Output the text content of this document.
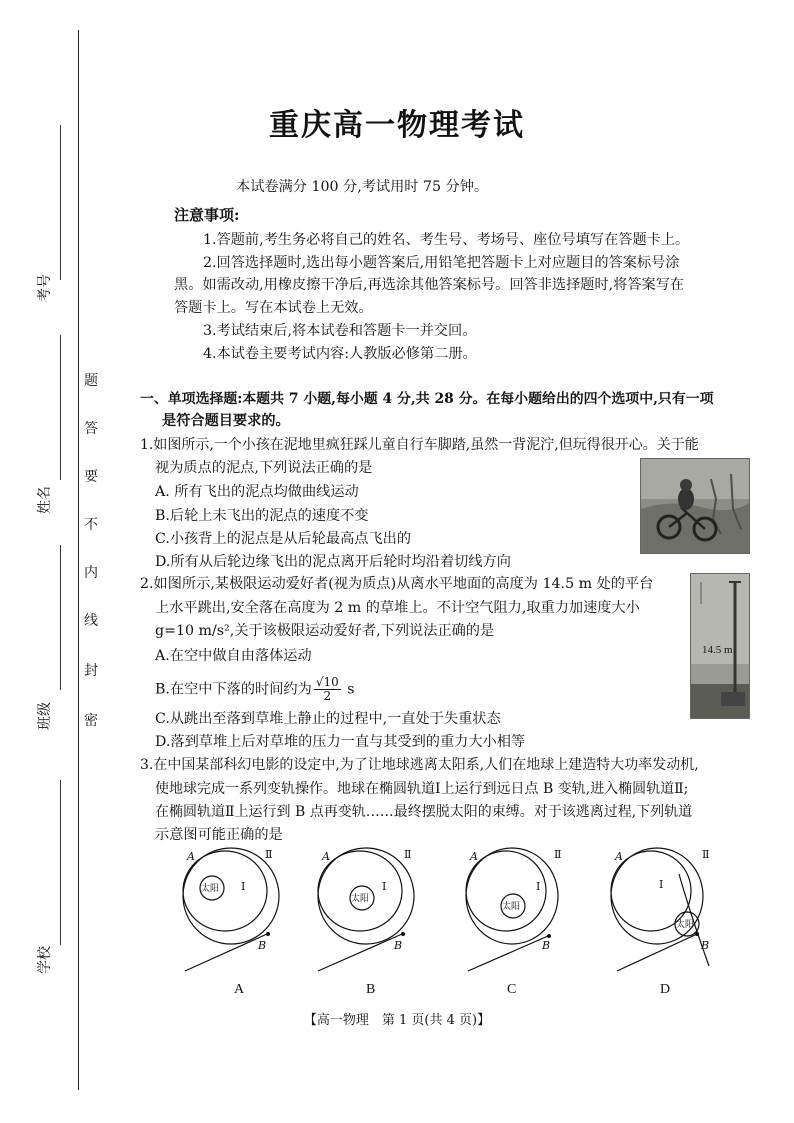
考号
姓名
班级
学校
题
答
要
不
内
线
封
密
重庆高一物理考试
本试卷满分 100 分,考试用时 75 分钟。
注意事项:
1.答题前,考生务必将自己的姓名、考生号、考场号、座位号填写在答题卡上。
2.回答选择题时,选出每小题答案后,用铅笔把答题卡上对应题目的答案标号涂
黑。如需改动,用橡皮擦干净后,再选涂其他答案标号。回答非选择题时,将答案写在
答题卡上。写在本试卷上无效。
3.考试结束后,将本试卷和答题卡一并交回。
4.本试卷主要考试内容:人教版必修第二册。
一、单项选择题:本题共 7 小题,每小题 4 分,共 28 分。在每小题给出的四个选项中,只有一项
是符合题目要求的。
1.如图所示,一个小孩在泥地里疯狂踩儿童自行车脚踏,虽然一背泥泞,但玩得很开心。关于能
视为质点的泥点,下列说法正确的是
A. 所有飞出的泥点均做曲线运动
B.后轮上未飞出的泥点的速度不变
C.小孩背上的泥点是从后轮最高点飞出的
D.所有从后轮边缘飞出的泥点离开后轮时均沿着切线方向
2.如图所示,某极限运动爱好者(视为质点)从离水平地面的高度为 14.5 m 处的平台
上水平跳出,安全落在高度为 2 m 的草堆上。不计空气阻力,取重力加速度大小
g=10 m/s²,关于该极限运动爱好者,下列说法正确的是
A.在空中做自由落体运动
B.在空中下落的时间约为 $\frac{√10}{2}$ s
C.从跳出至落到草堆上静止的过程中,一直处于失重状态
D.落到草堆上后对草堆的压力一直与其受到的重力大小相等
14.5 m
3.在中国某部科幻电影的设定中,为了让地球逃离太阳系,人们在地球上建造特大功率发动机,
使地球完成一系列变轨操作。地球在椭圆轨道Ⅰ上运行到远日点 B 变轨,进入椭圆轨道Ⅱ;
在椭圆轨道Ⅱ上运行到 B 点再变轨……最终摆脱太阳的束缚。对于该逃离过程,下列轨道
示意图可能正确的是
太阳
A
B
Ⅰ
Ⅱ
A
太阳
A
B
Ⅰ
Ⅱ
B
太阳
A
B
Ⅰ
Ⅱ
C
太阳
A
B
Ⅰ
Ⅱ
D
【高一物理　第 1 页(共 4 页)】
